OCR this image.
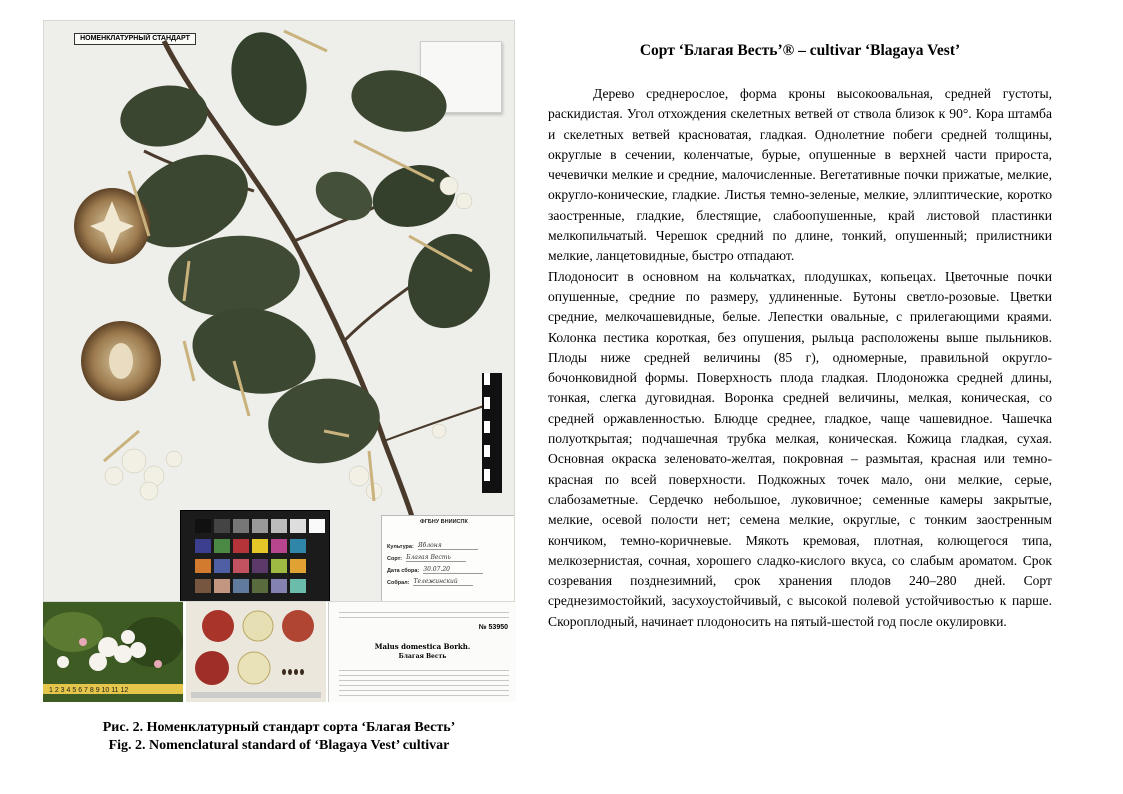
НОМЕНКЛАТУРНЫЙ СТАНДАРТ
ФГБНУ ВНИИСПК
Культура: Яблоня
Сорт: Благая Весть
Дата сбора: 30.07.20
Собрал: Тележинский
1 2 3 4 5 6 7 8 9 10 11 12
№ 53950
Malus domestica Borkh.
Благая Весть
Рис. 2. Номенклатурный стандарт сорта ‘Благая Весть’
Fig. 2. Nomenclatural standard of ‘Blagaya Vest’ cultivar
Сорт ‘Благая Весть’® – cultivar ‘Blagaya Vest’

Дерево среднерослое, форма кроны высокоовальная, средней густоты, раскидистая. Угол отхождения скелетных ветвей от ствола близок к 90°. Кора штамба и скелетных ветвей красноватая, гладкая. Однолетние побеги средней толщины, округлые в сечении, коленчатые, бурые, опушенные в верхней части прироста, чечевички мелкие и средние, малочисленные. Вегетативные почки прижатые, мелкие, округло-конические, гладкие. Листья темно-зеленые, мелкие, эллиптические, коротко заостренные, гладкие, блестящие, слабоопушенные, край листовой пластинки мелкопильчатый. Черешок средний по длине, тонкий, опушенный; прилистники мелкие, ланцетовидные, быстро отпадают.

Плодоносит в основном на кольчатках, плодушках, копьецах. Цветочные почки опушенные, средние по размеру, удлиненные. Бутоны светло-розовые. Цветки средние, мелкочашевидные, белые. Лепестки овальные, с прилегающими краями. Колонка пестика короткая, без опушения, рыльца расположены выше пыльников. Плоды ниже средней величины (85 г), одномерные, правильной округло-бочонковидной формы. Поверхность плода гладкая. Плодоножка средней длины, тонкая, слегка дуговидная. Воронка средней величины, мелкая, коническая, со средней оржавленностью. Блюдце среднее, гладкое, чаще чашевидное. Чашечка полуоткрытая; подчашечная трубка мелкая, коническая. Кожица гладкая, сухая. Основная окраска зеленовато-желтая, покровная – размытая, красная или темно-красная по всей поверхности. Подкожных точек мало, они мелкие, серые, слабозаметные. Сердечко небольшое, луковичное; семенные камеры закрытые, мелкие, осевой полости нет; семена мелкие, округлые, с тонким заостренным кончиком, темно-коричневые. Мякоть кремовая, плотная, колющегося типа, мелкозернистая, сочная, хорошего сладко-кислого вкуса, со слабым ароматом. Срок созревания позднезимний, срок хранения плодов 240–280 дней. Сорт среднезимостойкий, засухоустойчивый, с высокой полевой устойчивостью к парше. Скороплодный, начинает плодоносить на пятый-шестой год после окулировки.
